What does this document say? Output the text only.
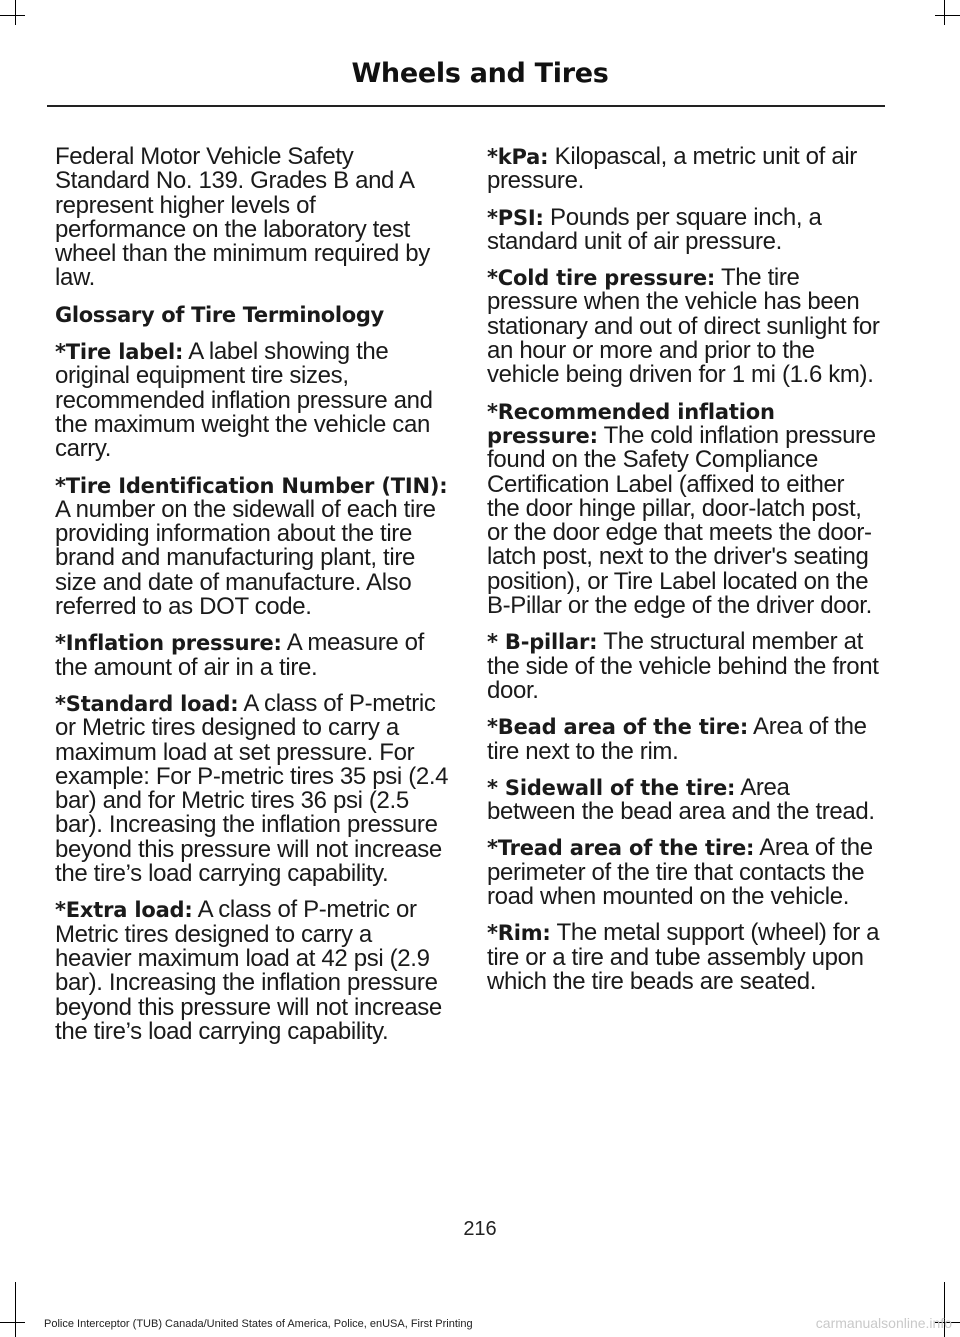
Wheels and Tires

Federal Motor Vehicle Safety Standard No. 139. Grades B and A represent higher levels of performance on the laboratory test wheel than the minimum required by law.

Glossary of Tire Terminology

*Tire label: A label showing the original equipment tire sizes, recommended inflation pressure and the maximum weight the vehicle can carry.

*Tire Identification Number (TIN): A number on the sidewall of each tire providing information about the tire brand and manufacturing plant, tire size and date of manufacture. Also referred to as DOT code.

*Inflation pressure: A measure of the amount of air in a tire.

*Standard load: A class of P-metric or Metric tires designed to carry a maximum load at set pressure. For example: For P-metric tires 35 psi (2.4 bar) and for Metric tires 36 psi (2.5 bar). Increasing the inflation pressure beyond this pressure will not increase the tire’s load carrying capability.

*Extra load: A class of P-metric or Metric tires designed to carry a heavier maximum load at 42 psi (2.9 bar). Increasing the inflation pressure beyond this pressure will not increase the tire’s load carrying capability.

*kPa: Kilopascal, a metric unit of air pressure.

*PSI: Pounds per square inch, a standard unit of air pressure.

*Cold tire pressure: The tire pressure when the vehicle has been stationary and out of direct sunlight for an hour or more and prior to the vehicle being driven for 1 mi (1.6 km).

*Recommended inflation pressure: The cold inflation pressure found on the Safety Compliance Certification Label (affixed to either the door hinge pillar, door-latch post, or the door edge that meets the door-latch post, next to the driver's seating position), or Tire Label located on the B-Pillar or the edge of the driver door.

* B-pillar: The structural member at the side of the vehicle behind the front door.

*Bead area of the tire: Area of the tire next to the rim.

* Sidewall of the tire: Area between the bead area and the tread.

*Tread area of the tire: Area of the perimeter of the tire that contacts the road when mounted on the vehicle.

*Rim: The metal support (wheel) for a tire or a tire and tube assembly upon which the tire beads are seated.

216
Police Interceptor (TUB) Canada/United States of America, Police, enUSA, First Printing	carmanualsonline.info
